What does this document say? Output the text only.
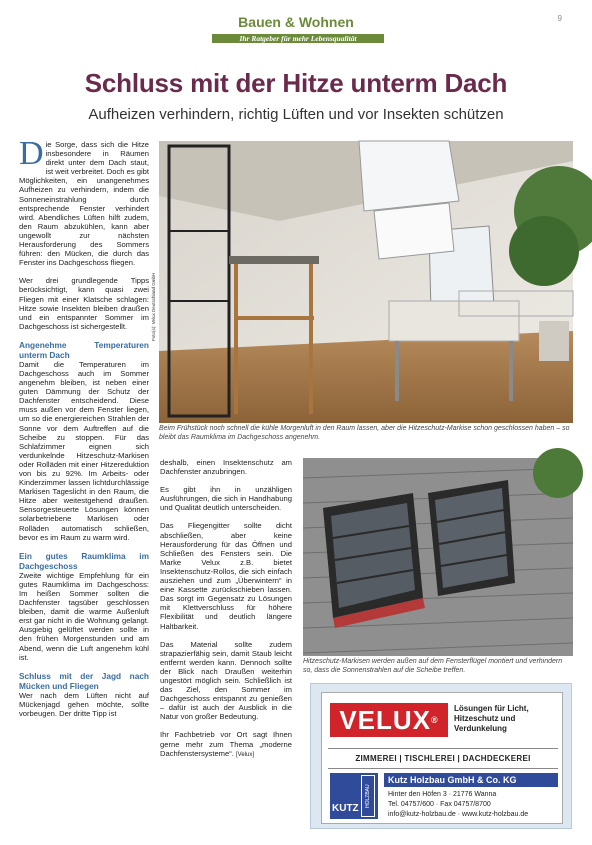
9
Bauen & Wohnen
Ihr Ratgeber für mehr Lebensqualität
Schluss mit der Hitze unterm Dach
Aufheizen verhindern, richtig Lüften und vor Insekten schützen

Die Sorge, dass sich die Hitze insbesondere in Räumen direkt unter dem Dach staut, ist weit verbreitet. Doch es gibt Möglichkeiten, ein unangenehmes Aufheizen zu verhindern, indem die Sonneneinstrahlung durch entsprechende Fenster verhindert wird. Abendliches Lüften hilft zudem, den Raum abzukühlen, kann aber ungewollt zur nächsten Herausforderung des Sommers führen: den Mücken, die durch das Fenster ins Dachgeschoss fliegen.

Wer drei grundlegende Tipps berücksichtigt, kann quasi zwei Fliegen mit einer Klatsche schlagen: Hitze sowie Insekten bleiben draußen und ein entspannter Sommer im Dachgeschoss ist sichergestellt.

Angenehme Temperaturen unterm Dach

Damit die Temperaturen im Dachgeschoss auch im Sommer angenehm bleiben, ist neben einer guten Dämmung der Schutz der Dachfenster entscheidend. Diese muss außen vor dem Fenster liegen, um so die energiereichen Strahlen der Sonne vor dem Auftreffen auf die Scheibe zu stoppen. Für das Schlafzimmer eignen sich verdunkelnde Hitzeschutz-Markisen oder Rolläden mit einer Hitzereduktion von bis zu 92%. Im Arbeits- oder Kinderzimmer lassen lichtdurchlässige Markisen Tageslicht in den Raum, die Hitze aber weitestgehend draußen. Sensorgesteuerte Lösungen können solarbetriebene Markisen oder Rolläden automatisch schließen, bevor es im Raum zu warm wird.

Ein gutes Raumklima im Dachgeschoss

Zweite wichtige Empfehlung für ein gutes Raumklima im Dachgeschoss: Im heißen Sommer sollten die Dachfenster tagsüber geschlossen bleiben, damit die warme Außenluft erst gar nicht in die Wohnung gelangt. Ausgiebig gelüftet werden sollte in den frühen Morgenstunden und am Abend, wenn die Luft angenehm kühl ist.

Schluss mit der Jagd nach Mücken und Fliegen

Wer nach dem Lüften nicht auf Mückenjagd gehen möchte, sollte vorbeugen. Der dritte Tipp ist

Foto(s): Velux Deutschland GmbH
Beim Frühstück noch schnell die kühle Morgenluft in den Raum lassen, aber die Hitzeschutz-Markise schon geschlossen haben – so bleibt das Raumklima im Dachgeschoss angenehm.

deshalb, einen Insektenschutz am Dachfenster anzubringen.

Es gibt ihn in unzähligen Ausführungen, die sich in Handhabung und Qualität deutlich unterscheiden.

Das Fliegengitter sollte dicht abschließen, aber keine Herausforderung für das Öffnen und Schließen des Fensters sein. Die Marke Velux z.B. bietet Insektenschutz-Rollos, die sich einfach ausziehen und zum „Überwintern“ in eine Kassette zurückschieben lassen. Das sorgt im Gegensatz zu Lösungen mit Klettverschluss für höhere Flexibilität und deutlich längere Haltbarkeit.

Das Material sollte zudem strapazierfähig sein, damit Staub leicht entfernt werden kann. Dennoch sollte der Blick nach Draußen weiterhin ungestört möglich sein. Schließlich ist das Ziel, den Sommer im Dachgeschoss entspannt zu genießen – dafür ist auch der Ausblick in die Natur von großer Bedeutung.

Ihr Fachbetrieb vor Ort sagt Ihnen gerne mehr zum Thema „moderne Dachfenstersysteme“. [Velux]

Hitzeschutz-Markisen werden außen auf dem Fensterflügel montiert und verhindern so, dass die Sonnenstrahlen auf die Scheibe treffen.
VELUX®
Lösungen für Licht, Hitzeschutz und Verdunkelung
ZIMMEREI | TISCHLEREI | DACHDECKEREI
HOLZBAU
KUTZ
Kutz Holzbau GmbH & Co. KG
Hinter den Höfen 3 · 21776 Wanna
Tel. 04757/600 · Fax 04757/8700
info@kutz-holzbau.de · www.kutz-holzbau.de
